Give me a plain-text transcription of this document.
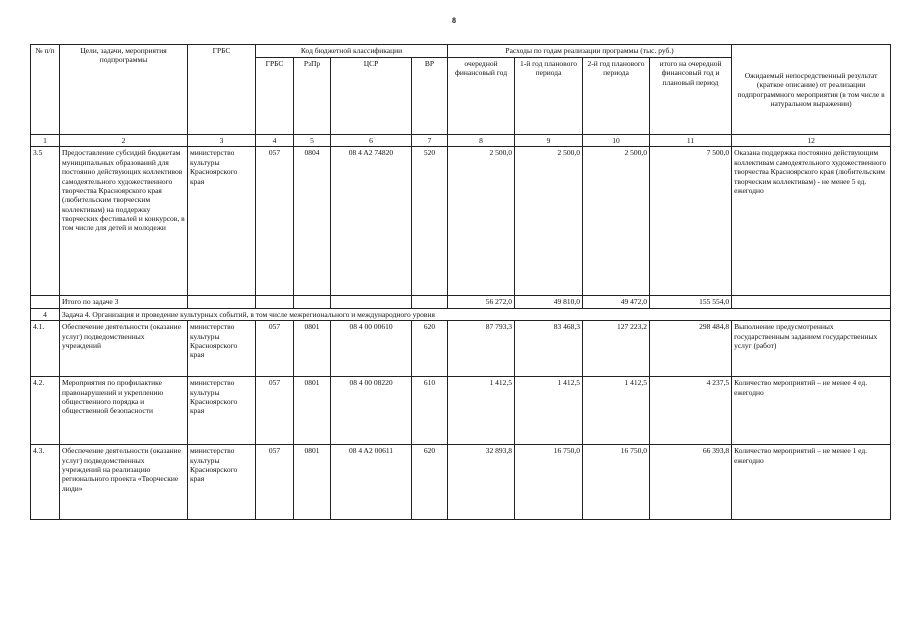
8
№ п/п	Цели, задачи, мероприятия подпрограммы	ГРБС	Код бюджетной классификации				Расходы по годам реализации программы (тыс. руб.)				Ожидаемый непосредственный результат (краткое описание) от реализации подпрограммного мероприятия (в том числе в натуральном выражении)
			ГРБС	РзПр	ЦСР	ВР	очередной финансовый год	1-й год планового периода	2-й год планового периода	итого на очередной финансовый год и плановый период	
1	2	3	4	5	6	7	8	9	10	11	12
3.5	Предоставление субсидий бюджетам муниципальных образований для постоянно действующих коллективов самодеятельного художественного творчества Красноярского края (любительским творческим коллективам) на поддержку творческих фестивалей и конкурсов, в том числе для детей и молодежи	министерство культуры Красноярского края	057	0804	08 4 A2 74820	520	2 500,0	2 500,0	2 500,0	7 500,0	Оказана поддержка постоянно действующим коллективам самодеятельного художественного творчества Красноярского края (любительским творческим коллективам) - не менее 5 ед. ежегодно
	Итого по задаче 3						56 272,0	49 810,0	49 472,0	155 554,0	
4	Задача 4. Организация и проведение культурных событий, в том числе межрегионального и международного уровня										
4.1.	Обеспечение деятельности (оказание услуг) подведомственных учреждений	министерство культуры Красноярского края	057	0801	08 4 00 00610	620	87 793,3	83 468,3	127 223,2	298 484,8	Выполнение предусмотренных государственным заданием государственных услуг (работ)
4.2.	Мероприятия по профилактике правонарушений и укреплению общественного порядка и общественной безопасности	министерство культуры Красноярского края	057	0801	08 4 00 08220	610	1 412,5	1 412,5	1 412,5	4 237,5	Количество мероприятий – не менее 4 ед. ежегодно
4.3.	Обеспечение деятельности (оказание услуг) подведомственных учреждений на реализацию регионального проекта «Творческие люди»	министерство культуры Красноярского края	057	0801	08 4 A2 00611	620	32 893,8	16 750,0	16 750,0	66 393,8	Количество мероприятий – не менее 1 ед. ежегодно
